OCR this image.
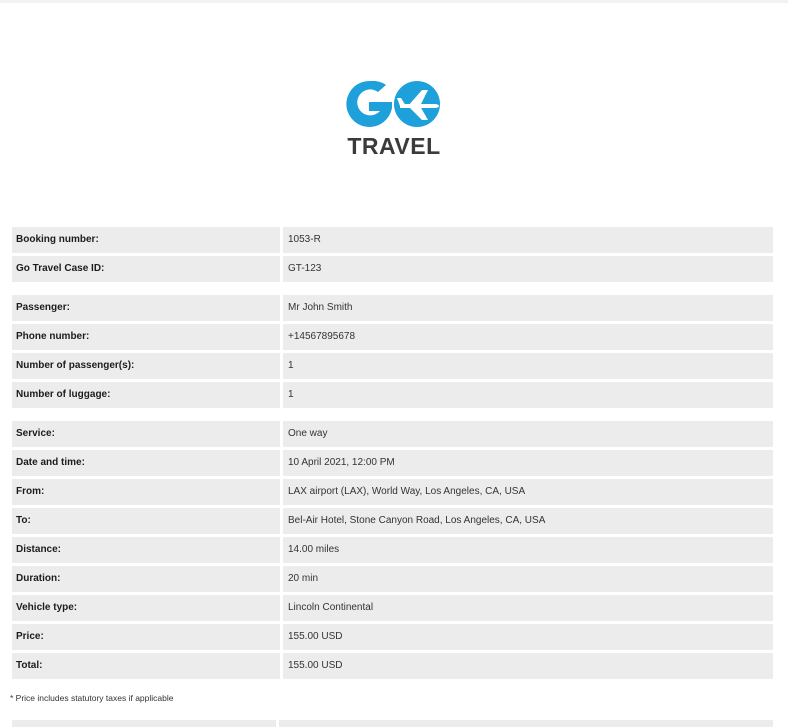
TRAVEL
Booking number:	1053-R
Go Travel Case ID:	GT-123
Passenger:	Mr John Smith
Phone number:	+14567895678
Number of passenger(s):	1
Number of luggage:	1
Service:	One way
Date and time:	10 April 2021, 12:00 PM
From:	LAX airport (LAX), World Way, Los Angeles, CA, USA
To:	Bel-Air Hotel, Stone Canyon Road, Los Angeles, CA, USA
Distance:	14.00 miles
Duration:	20 min
Vehicle type:	Lincoln Continental
Price:	155.00 USD
Total:	155.00 USD
* Price includes statutory taxes if applicable
